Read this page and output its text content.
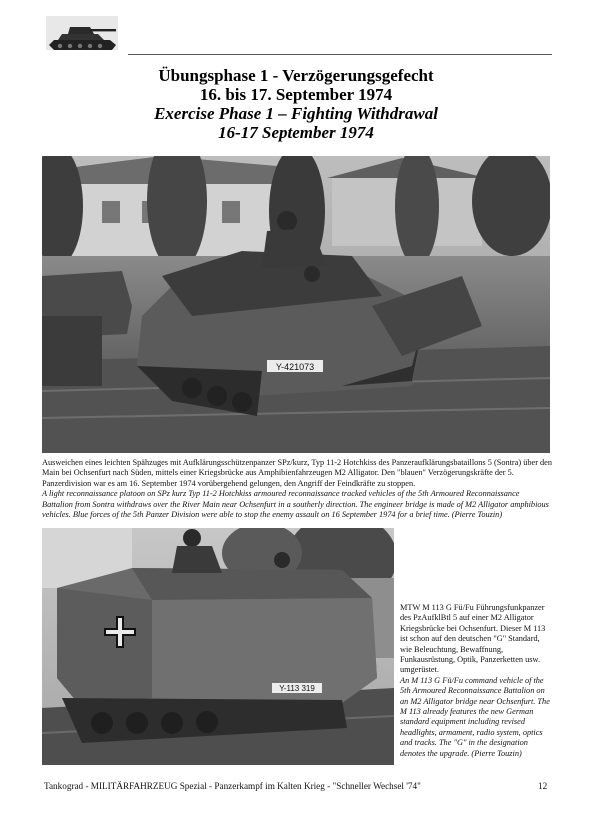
Übungsphase 1 - Verzögerungsgefecht
16. bis 17. September 1974
Exercise Phase 1 – Fighting Withdrawal
16-17 September 1974
Y-421073
Ausweichen eines leichten Spähzuges mit Aufklärungsschützenpanzer SPz/kurz, Typ 11-2 Hotchkiss des Panzeraufklärungsbataillons 5 (Sontra) über den Main bei Ochsenfurt nach Süden, mittels einer Kriegsbrücke aus Amphibienfahrzeugen M2 Alligator. Den "blauen" Verzögerungskräfte der 5. Panzerdivision war es am 16. September 1974 vorübergehend gelungen, den Angriff der Feindkräfte zu stoppen.
A light reconnaissance platoon on SPz kurz Typ 11-2 Hotchkiss armoured reconnaissance tracked vehicles of the 5th Armoured Reconnaissance Battalion from Sontra withdraws over the River Main near Ochsenfurt in a southerly direction. The engineer bridge is made of M2 Alligator amphibious vehicles. Blue forces of the 5th Panzer Division were able to stop the enemy assault on 16 September 1974 for a brief time. (Pierre Touzin)
Y-113 319
MTW M 113 G Fü/Fu Führungsfunkpanzer des PzAufklBtl 5 auf einer M2 Alligator Kriegsbrücke bei Ochsenfurt. Dieser M 113 ist schon auf den deutschen "G" Standard, wie Beleuchtung, Bewaffnung, Funkausrüstung, Optik, Panzerketten usw. umgerüstet.
An M 113 G Fü/Fu command vehicle of the 5th Armoured Reconnaissance Battalion on an M2 Alligator bridge near Ochsenfurt. The M 113 already features the new German standard equipment including revised headlights, armament, radio system, optics and tracks. The "G" in the designation denotes the upgrade. (Pierre Touzin)
Tankograd - MILITÄRFAHRZEUG Spezial - Panzerkampf im Kalten Krieg - "Schneller Wechsel '74"	12
